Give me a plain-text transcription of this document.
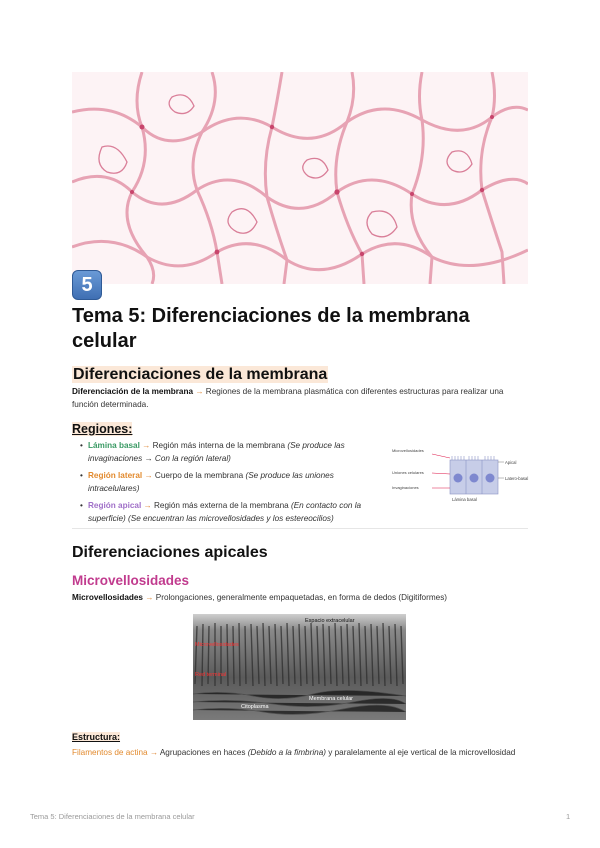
5
Tema 5: Diferenciaciones de la membrana celular
Diferenciaciones de la membrana

Diferenciación de la membrana → Regiones de la membrana plasmática con diferentes estructuras para realizar una función determinada.

Regiones:
• Lámina basal → Región más interna de la membrana (Se produce las invaginaciones → Con la región lateral)
• Región lateral → Cuerpo de la membrana (Se produce las uniones intracelulares)
• Región apical → Región más externa de la membrana (En contacto con la superficie) (Se encuentran las microvellosidades y los estereocilios)
Microvellosidades
Uniones celulares
Invaginaciones
Apical
Latero-basal
Lámina basal
Diferenciaciones apicales
Microvellosidades

Microvellosidades → Prolongaciones, generalmente empaquetadas, en forma de dedos (Digitiformes)

Espacio extracelular
Microvellosidades
Red terminal
Membrana celular
Citoplasma
Estructura:

Filamentos de actina → Agrupaciones en haces (Debido a la fimbrina) y paralelamente al eje vertical de la microvellosidad

Tema 5: Diferenciaciones de la membrana celular	1
